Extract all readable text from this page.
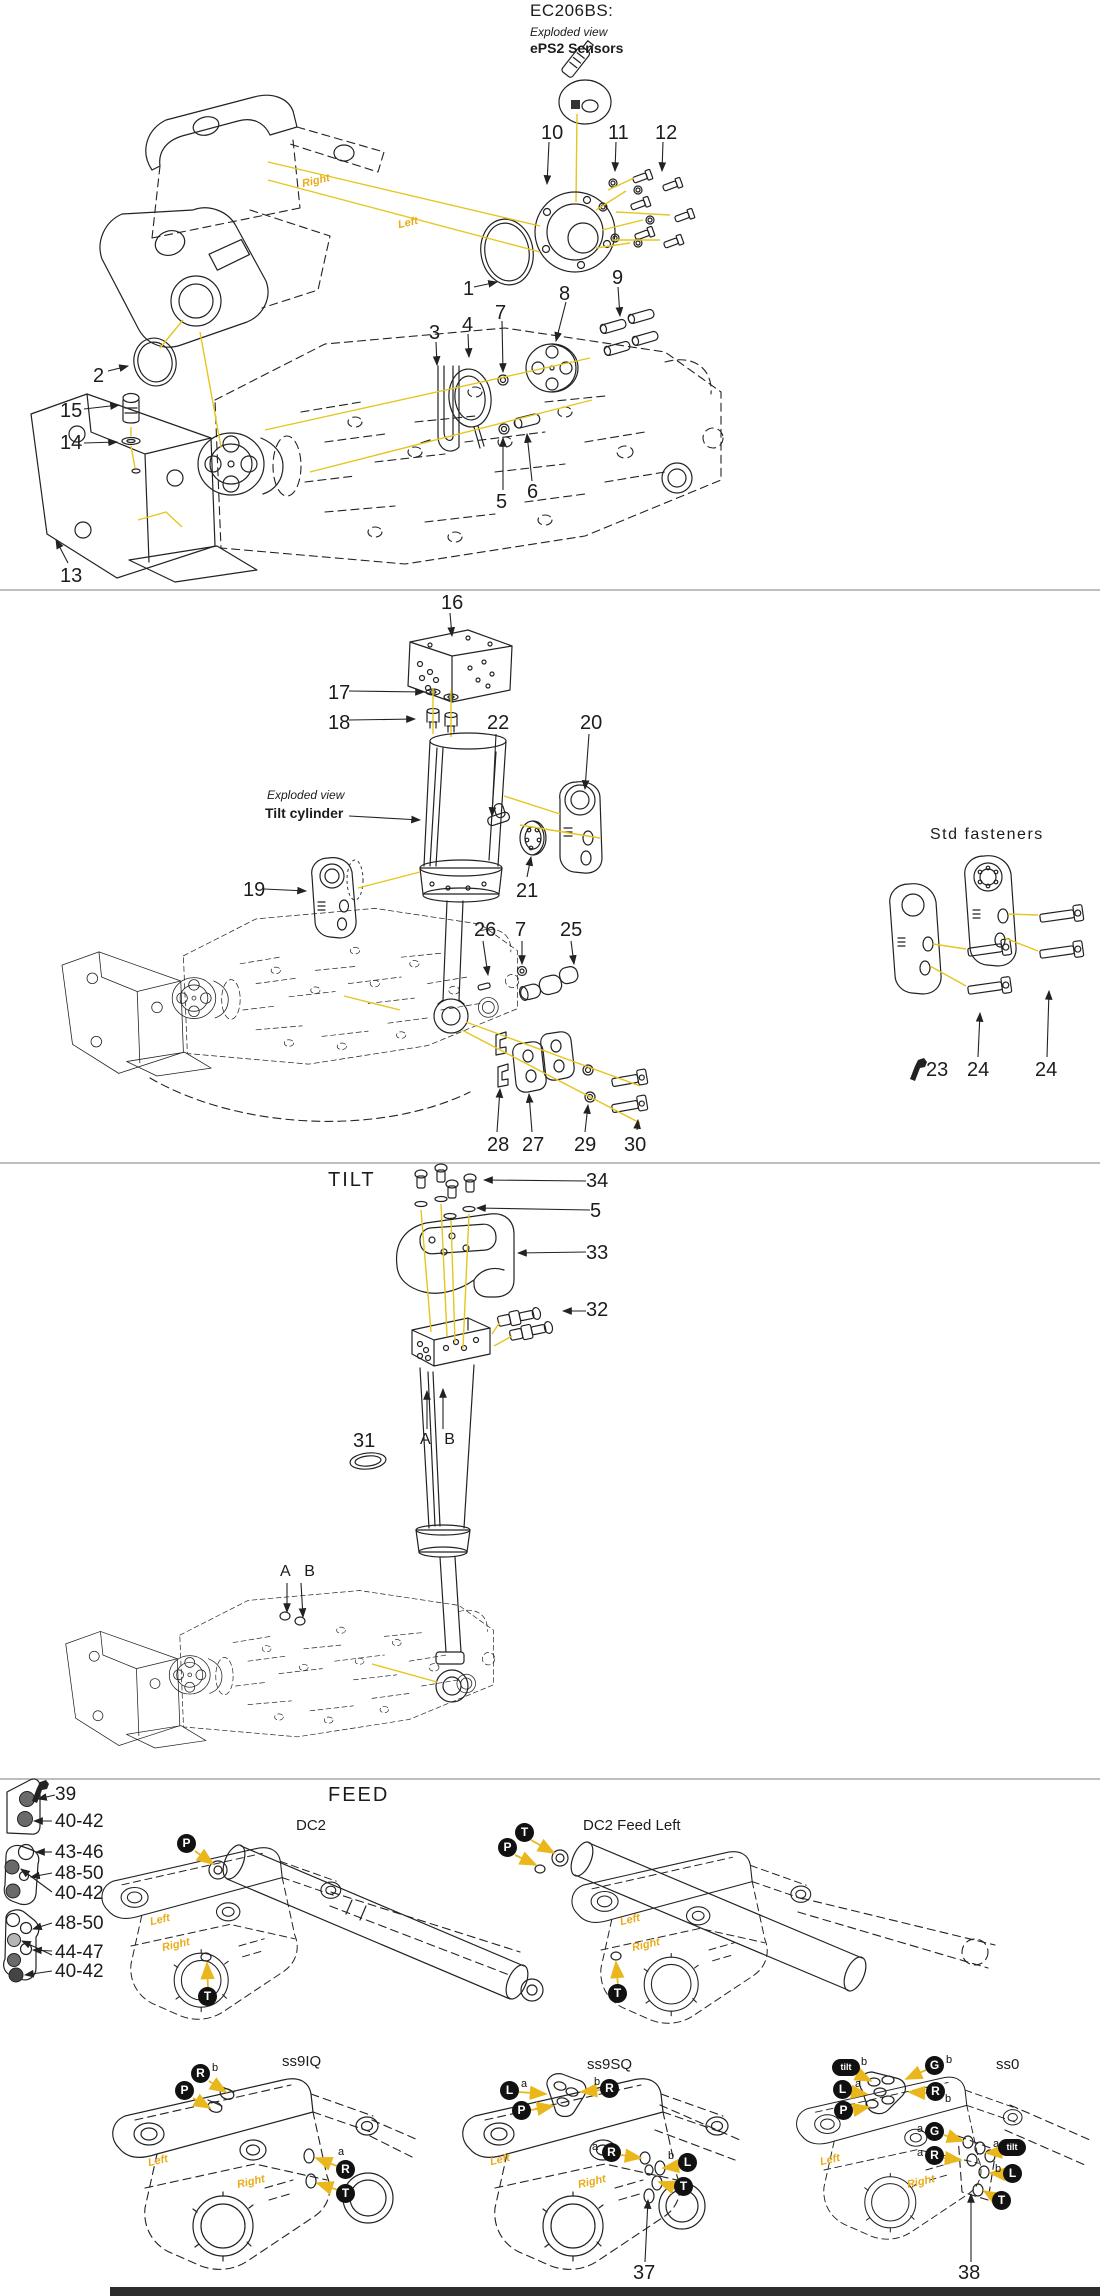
EC206BS:
Exploded view
ePS2 Sensors
10 11 12
1	8
9
3 4
7
2
15
14
5 6
13
Right
Left
16
17
18	22	20
Exploded view
Tilt cylinder
19	21
26 7 25
28 27 29 30
Std fasteners
23 24 24
TILT	34
5
33
32
31	A B
A B
FEED
39
40-42
43-46
48-50
40-42
48-50
44-47
40-42
DC2	DC2 Feed Left
ss9IQ	ss9SQ	ss0
37	38
Left
Right
Left
Right
Left
Right
Left
Right
Left
Right
P
T
T
P
T
R
P
R
T
b
a
L
P
R
R
L
T
a	b
a
b
tilt	G
L	R
P
G
R
tilt
L
T
b	b
a
b
a
a
a
b
